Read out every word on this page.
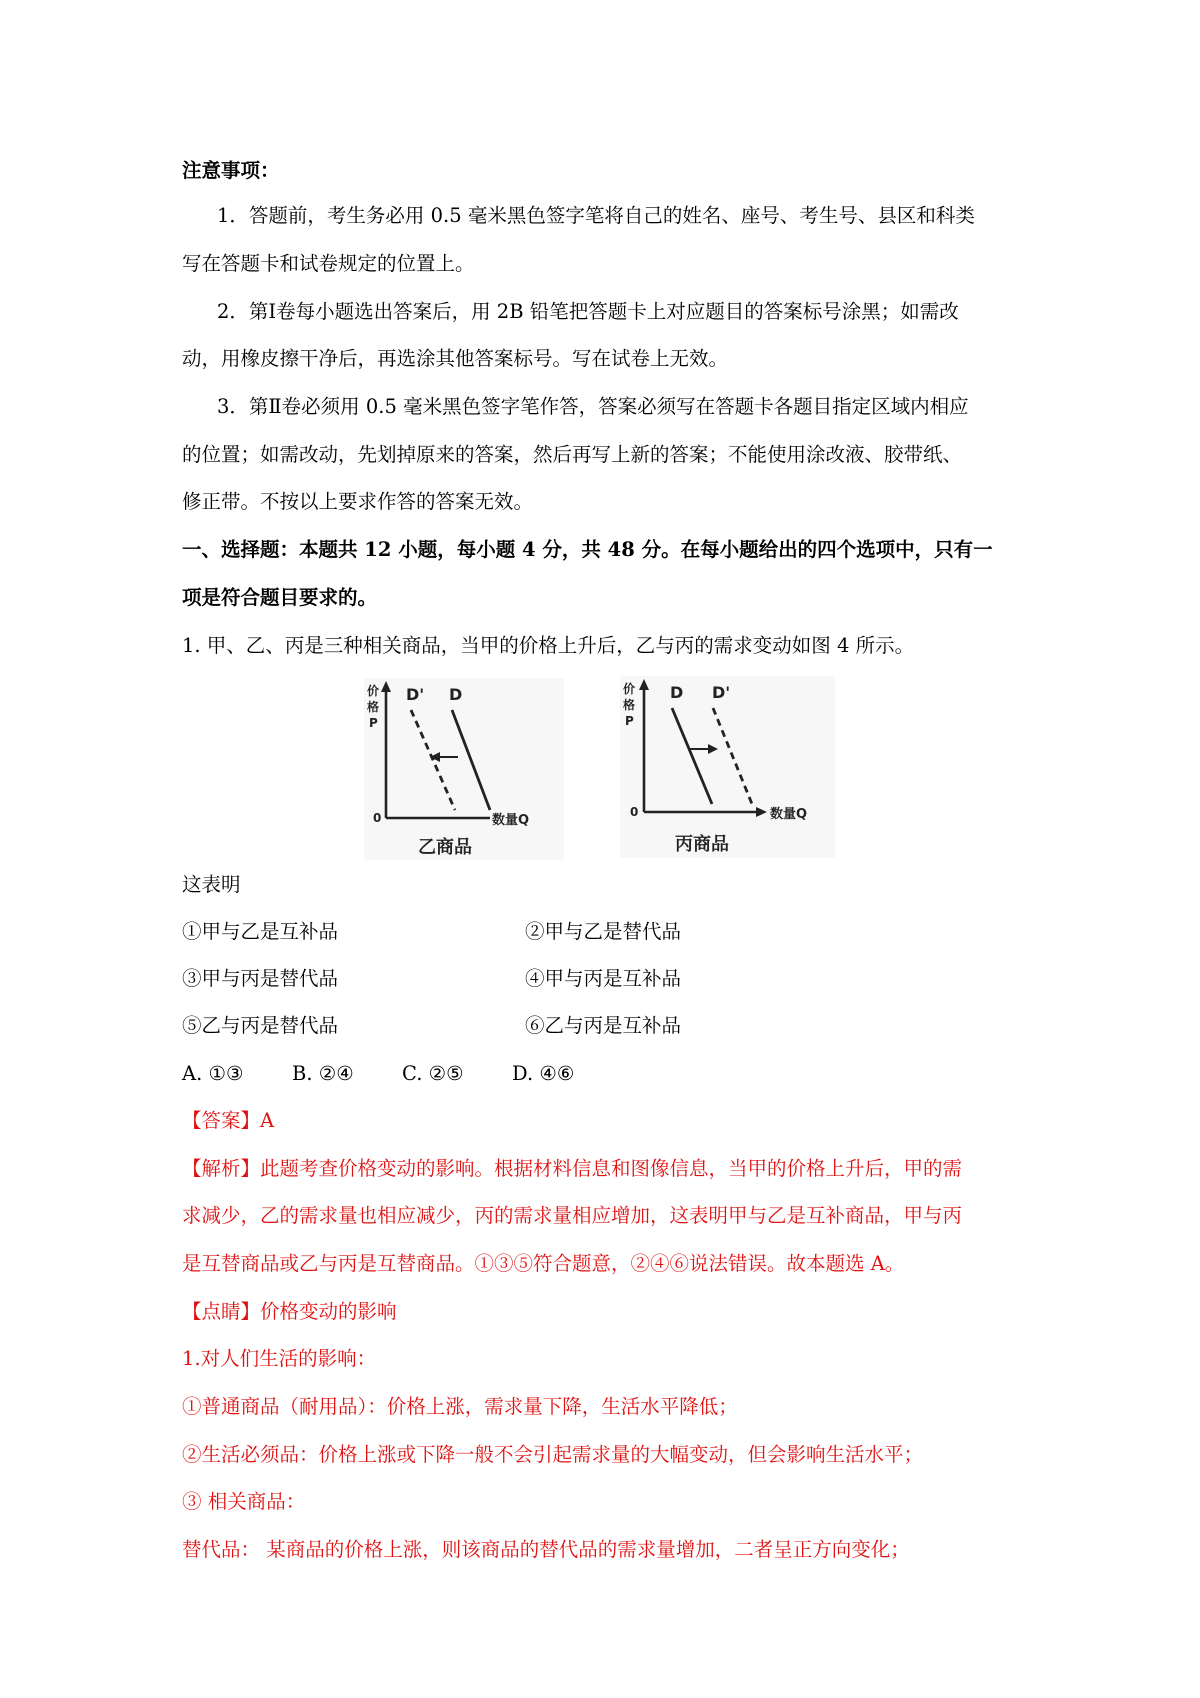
注意事项：
1．答题前，考生务必用 0.5 毫米黑色签字笔将自己的姓名、座号、考生号、县区和科类
写在答题卡和试卷规定的位置上。
2．第Ⅰ卷每小题选出答案后，用 2B 铅笔把答题卡上对应题目的答案标号涂黑；如需改
动，用橡皮擦干净后，再选涂其他答案标号。写在试卷上无效。
3．第Ⅱ卷必须用 0.5 毫米黑色签字笔作答，答案必须写在答题卡各题目指定区域内相应
的位置；如需改动，先划掉原来的答案，然后再写上新的答案；不能使用涂改液、胶带纸、
修正带。不按以上要求作答的答案无效。
一、选择题：本题共 12 小题，每小题 4 分，共 48 分。在每小题给出的四个选项中，只有一
项是符合题目要求的。
1. 甲、乙、丙是三种相关商品，当甲的价格上升后，乙与丙的需求变动如图 4 所示。
价
格
P
0	数量Q
D' D
乙商品
价
格
P
0	数量Q
D D'
丙商品
这表明
①甲与乙是互补品	②甲与乙是替代品
③甲与丙是替代品	④甲与丙是互补品
⑤乙与丙是替代品	⑥乙与丙是互补品
A. ①③ B. ②④ C. ②⑤ D. ④⑥
【答案】A
【解析】此题考查价格变动的影响。根据材料信息和图像信息，当甲的价格上升后，甲的需
求减少，乙的需求量也相应减少，丙的需求量相应增加，这表明甲与乙是互补商品，甲与丙
是互替商品或乙与丙是互替商品。①③⑤符合题意，②④⑥说法错误。故本题选 A。
【点睛】价格变动的影响
1.对人们生活的影响：
①普通商品（耐用品）：价格上涨，需求量下降，生活水平降低；
②生活必须品：价格上涨或下降一般不会引起需求量的大幅变动，但会影响生活水平；
③ 相关商品：
替代品： 某商品的价格上涨，则该商品的替代品的需求量增加，二者呈正方向变化；
